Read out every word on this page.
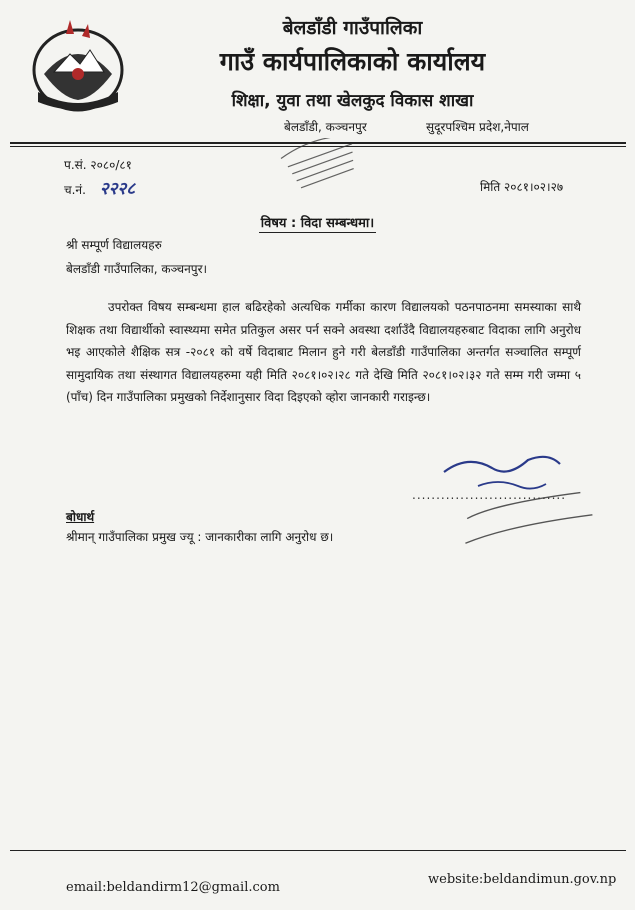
बेलडाँडी गाउँपालिका
गाउँ कार्यपालिकाको कार्यालय
शिक्षा, युवा तथा खेलकुद विकास शाखा
बेलडाँडी, कञ्चनपुर	सुदूरपश्चिम प्रदेश,नेपाल
प.सं. २०८०/८१
च.नं. २२२८	मिति २०८१।०२।२७
विषय : विदा सम्बन्धमा।
श्री सम्पूर्ण विद्यालयहरु
बेलडाँडी गाउँपालिका, कञ्चनपुर।
उपरोक्त विषय सम्बन्धमा हाल बढिरहेको अत्यधिक गर्मीका कारण विद्यालयको पठनपाठनमा समस्याका साथै शिक्षक तथा विद्यार्थीको स्वास्थ्यमा समेत प्रतिकुल असर पर्न सक्ने अवस्था दर्शाउँदै विद्यालयहरुबाट विदाका लागि अनुरोध भइ आएकोले शैक्षिक सत्र -२०८१ को वर्षे विदाबाट मिलान हुने गरी बेलडाँडी गाउँपालिका अन्तर्गत सञ्चालित सम्पूर्ण सामुदायिक तथा संस्थागत विद्यालयहरुमा यही मिति २०८१।०२।२८ गते देखि मिति २०८१।०२।३२ गते सम्म गरी जम्मा ५ (पाँच) दिन गाउँपालिका प्रमुखको निर्देशानुसार विदा दिइएको व्होरा जानकारी गराइन्छ।
................................
बोधार्थ
श्रीमान् गाउँपालिका प्रमुख ज्यू : जानकारीका लागि अनुरोध छ।
email:beldandirm12@gmail.com
website:beldandimun.gov.np
